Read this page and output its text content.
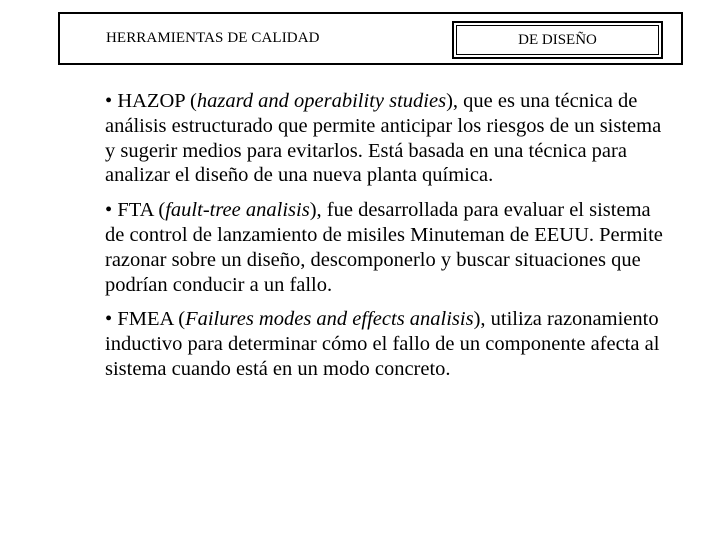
HERRAMIENTAS DE CALIDAD	DE DISEÑO

• HAZOP (hazard and operability studies), que es una técnica de análisis estructurado que permite anticipar los riesgos de un sistema y sugerir medios para evitarlos. Está basada en una técnica para analizar el diseño de una nueva planta química.

• FTA (fault-tree analisis), fue desarrollada para evaluar el sistema de control de lanzamiento de misiles Minuteman de EEUU. Permite razonar sobre un diseño, descomponerlo y buscar situaciones que podrían conducir a un fallo.

• FMEA (Failures modes and effects analisis), utiliza razonamiento inductivo para determinar cómo el fallo de un componente afecta al sistema cuando está en un modo concreto.
